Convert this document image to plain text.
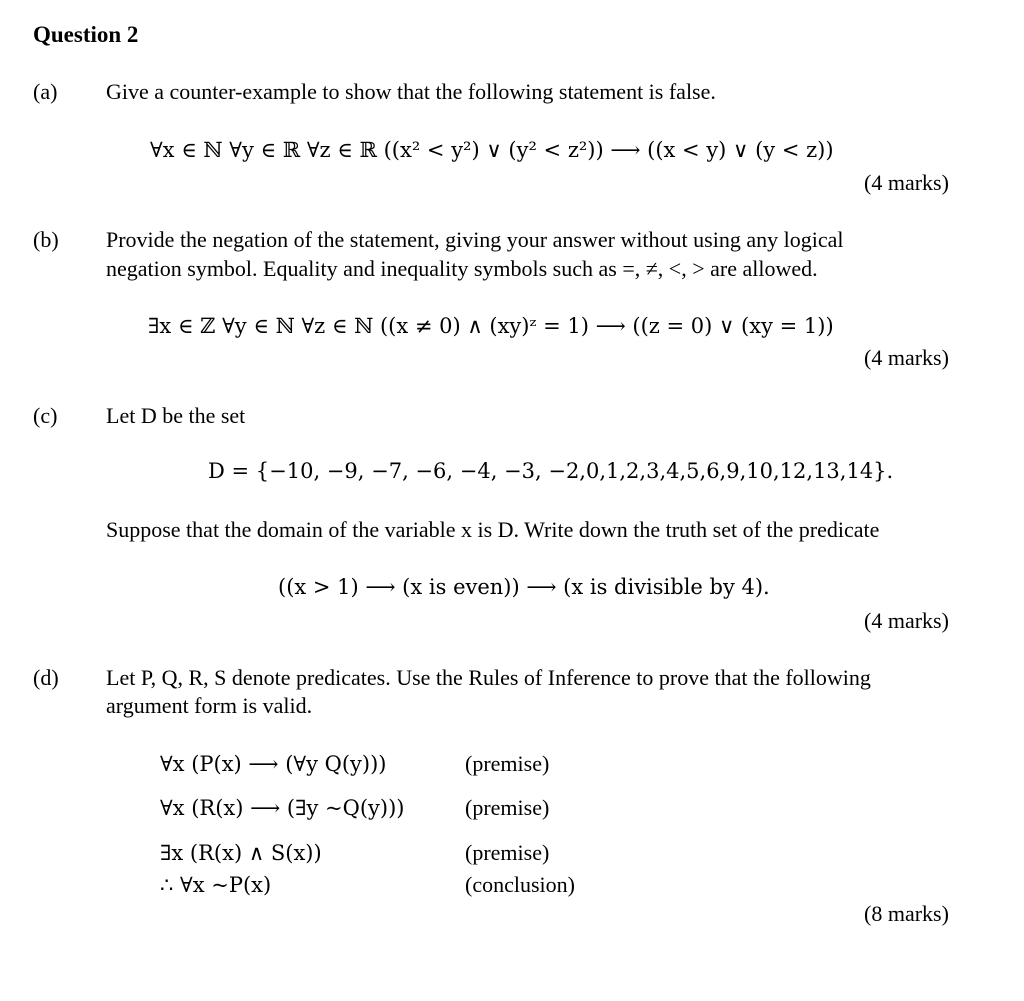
Question 2
(a) Give a counter-example to show that the following statement is false.
∀x ∈ ℕ ∀y ∈ ℝ ∀z ∈ ℝ ((x² < y²) ∨ (y² < z²)) ⟶ ((x < y) ∨ (y < z))
(4 marks)
(b) Provide the negation of the statement, giving your answer without using any logical
negation symbol. Equality and inequality symbols such as =, ≠, <, > are allowed.
∃x ∈ ℤ ∀y ∈ ℕ ∀z ∈ ℕ ((x ≠ 0) ∧ (xy)ᶻ = 1) ⟶ ((z = 0) ∨ (xy = 1))
(4 marks)
(c) Let D be the set
D = {−10, −9, −7, −6, −4, −3, −2,0,1,2,3,4,5,6,9,10,12,13,14}.
Suppose that the domain of the variable x is D. Write down the truth set of the predicate
((x > 1) ⟶ (x is even)) ⟶ (x is divisible by 4).
(4 marks)
(d) Let P, Q, R, S denote predicates. Use the Rules of Inference to prove that the following
argument form is valid.
∀x (P(x) ⟶ (∀y Q(y)))	(premise)
∀x (R(x) ⟶ (∃y ~Q(y)))	(premise)
∃x (R(x) ∧ S(x))	(premise)
∴ ∀x ~P(x)	(conclusion)
(8 marks)
